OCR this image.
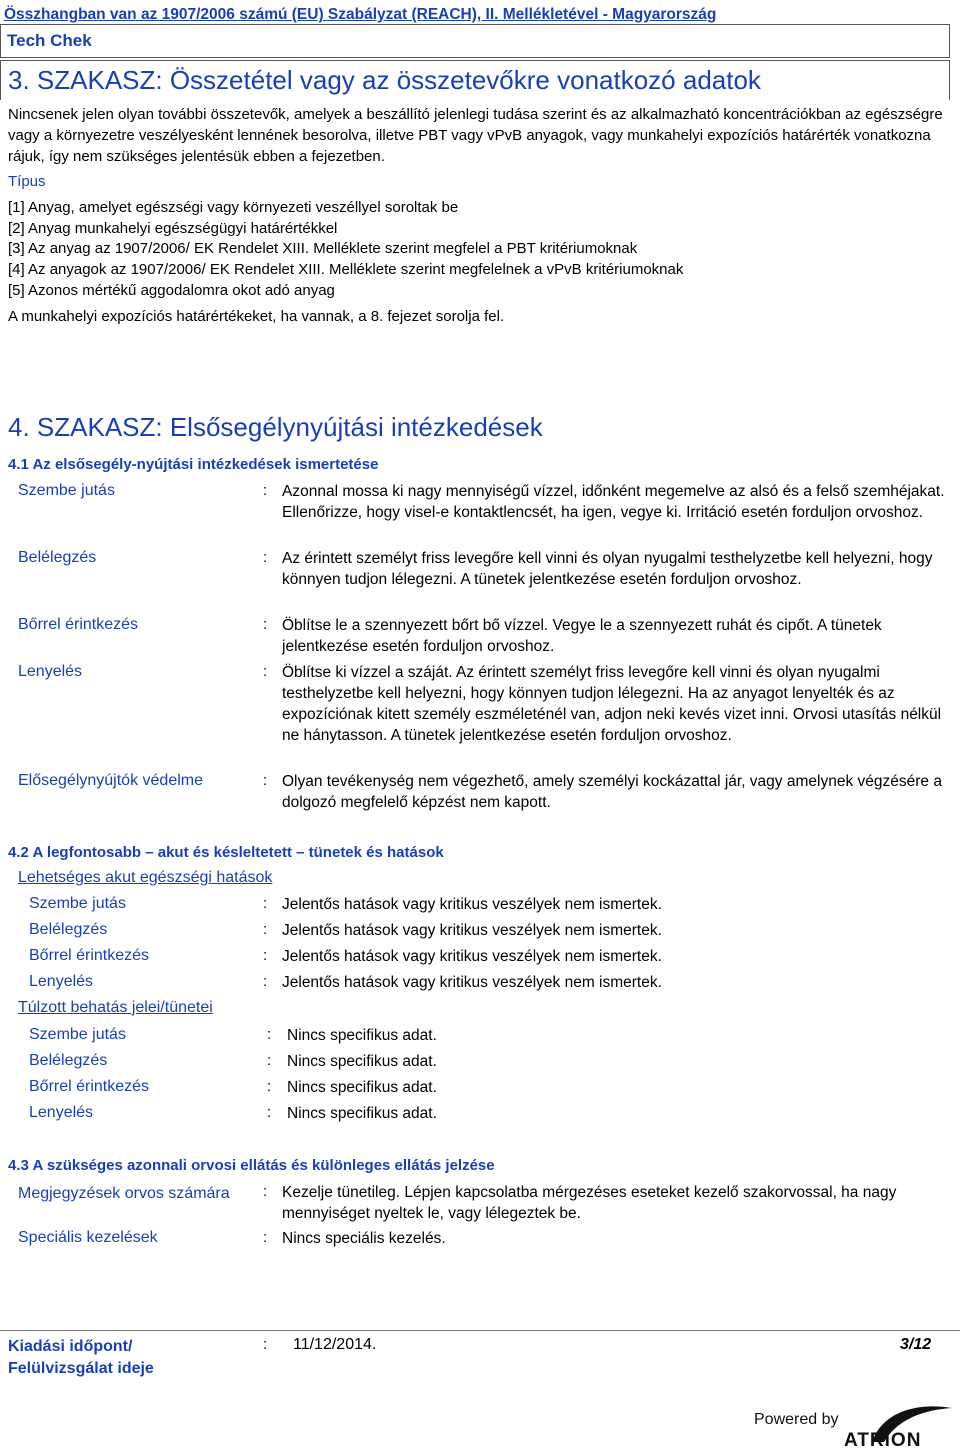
Összhangban van az 1907/2006 számú (EU) Szabályzat (REACH), II. Mellékletével - Magyarország
Tech Chek
3. SZAKASZ: Összetétel vagy az összetevőkre vonatkozó adatok
Nincsenek jelen olyan további összetevők, amelyek a beszállító jelenlegi tudása szerint és az alkalmazható koncentrációkban az egészségre vagy a környezetre veszélyesként lennének besorolva, illetve PBT vagy vPvB anyagok, vagy munkahelyi expozíciós határérték vonatkozna rájuk, így nem szükséges jelentésük ebben a fejezetben.
Típus
[1] Anyag, amelyet egészségi vagy környezeti veszéllyel soroltak be
[2] Anyag munkahelyi egészségügyi határértékkel
[3] Az anyag az 1907/2006/ EK Rendelet XIII. Melléklete szerint megfelel a PBT kritériumoknak
[4] Az anyagok az 1907/2006/ EK Rendelet XIII. Melléklete szerint megfelelnek a vPvB kritériumoknak
[5] Azonos mértékű aggodalomra okot adó anyag
A munkahelyi expozíciós határértékeket, ha vannak, a 8. fejezet sorolja fel.
4. SZAKASZ: Elsősegélynyújtási intézkedések
4.1 Az elsősegély-nyújtási intézkedések ismertetése
Szembe jutás	: Azonnal mossa ki nagy mennyiségű vízzel, időnként megemelve az alsó és a felső szemhéjakat. Ellenőrizze, hogy visel-e kontaktlencsét, ha igen, vegye ki. Irritáció esetén forduljon orvoshoz.
Belélegzés	: Az érintett személyt friss levegőre kell vinni és olyan nyugalmi testhelyzetbe kell helyezni, hogy könnyen tudjon lélegezni. A tünetek jelentkezése esetén forduljon orvoshoz.
Bőrrel érintkezés	: Öblítse le a szennyezett bőrt bő vízzel. Vegye le a szennyezett ruhát és cipőt. A tünetek jelentkezése esetén forduljon orvoshoz.
Lenyelés	: Öblítse ki vízzel a száját. Az érintett személyt friss levegőre kell vinni és olyan nyugalmi testhelyzetbe kell helyezni, hogy könnyen tudjon lélegezni. Ha az anyagot lenyelték és az expozíciónak kitett személy eszméleténél van, adjon neki kevés vizet inni. Orvosi utasítás nélkül ne hánytasson. A tünetek jelentkezése esetén forduljon orvoshoz.
Elősegélynyújtók védelme	: Olyan tevékenység nem végezhető, amely személyi kockázattal jár, vagy amelynek végzésére a dolgozó megfelelő képzést nem kapott.
4.2 A legfontosabb – akut és késleltetett – tünetek és hatások
Lehetséges akut egészségi hatások
Szembe jutás	: Jelentős hatások vagy kritikus veszélyek nem ismertek.
Belélegzés	: Jelentős hatások vagy kritikus veszélyek nem ismertek.
Bőrrel érintkezés	: Jelentős hatások vagy kritikus veszélyek nem ismertek.
Lenyelés	: Jelentős hatások vagy kritikus veszélyek nem ismertek.
Túlzott behatás jelei/tünetei
Szembe jutás	: Nincs specifikus adat.
Belélegzés	: Nincs specifikus adat.
Bőrrel érintkezés	: Nincs specifikus adat.
Lenyelés	: Nincs specifikus adat.
4.3 A szükséges azonnali orvosi ellátás és különleges ellátás jelzése
Megjegyzések orvos számára	: Kezelje tünetileg. Lépjen kapcsolatba mérgezéses eseteket kezelő szakorvossal, ha nagy mennyiséget nyeltek le, vagy lélegeztek be.
Speciális kezelések	: Nincs speciális kezelés.
Kiadási időpont/
Felülvizsgálat ideje
: 11/12/2014.	3/12
Powered by
ATRION
